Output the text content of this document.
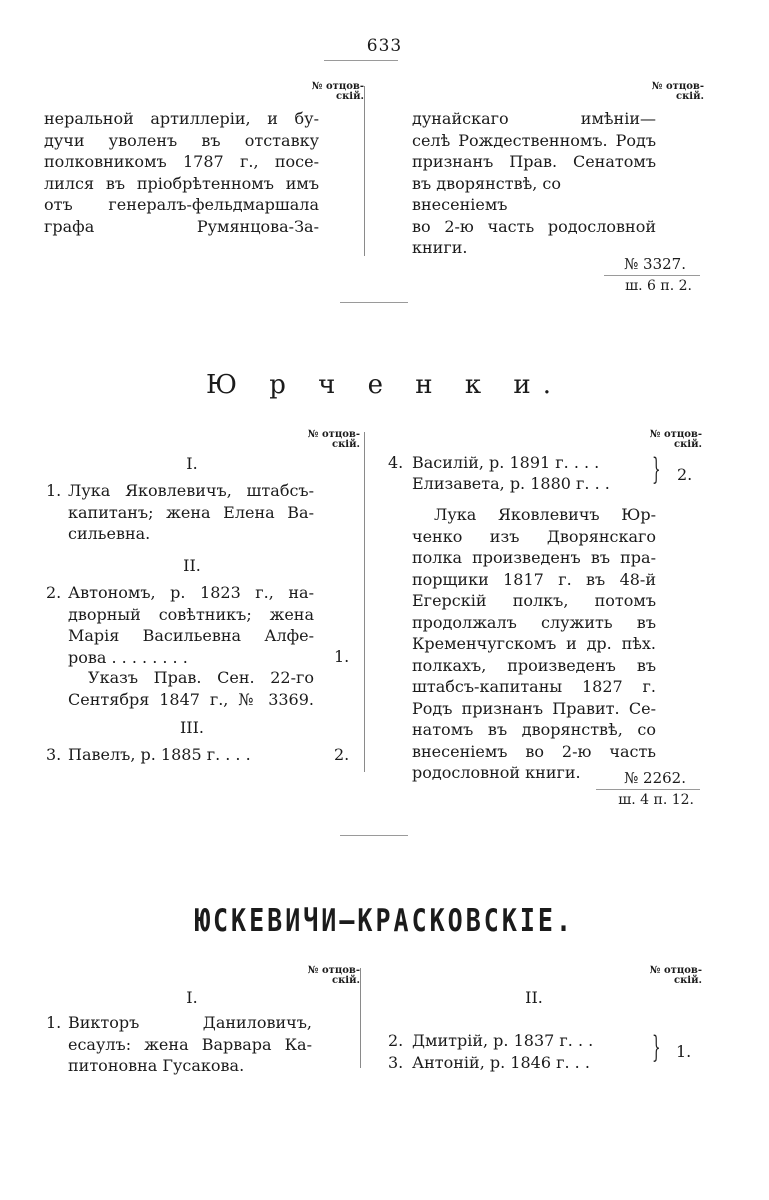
633
№ отцов-
скій.
№ отцов-
скій.
неральной артиллеріи, и бу-
дучи уволенъ въ отставку
полковникомъ 1787 г., посе-
лился въ пріобрѣтенномъ имъ
отъ генералъ-фельдмаршала
графа Румянцова-За-
дунайскаго имѣніи—
селѣ Рождественномъ. Родъ
признанъ Прав. Сенатомъ
въ дворянствѣ, со внесеніемъ
во 2-ю часть родословной
книги.
№ 3327.
ш. 6 п. 2.
Ю р ч е н к и.
№ отцов-
скій.
№ отцов-
скій.
I.
1. Лука Яковлевичъ, штабсъ-
капитанъ; жена Елена Ва-
сильевна.
II.
2. Автономъ, р. 1823 г., на-
дворный совѣтникъ; жена
Марія Васильевна Алфе-
рова . . . . . . . .	1.
Указъ Прав. Сен. 22-го
Сентября 1847 г., № 3369.
III.
3. Павелъ, р. 1885 г. . . .	2.
4. Василій, р. 1891 г. . . .
Елизавета, р. 1880 г. . . } 2.
Лука Яковлевичъ Юр-
ченко изъ Дворянскаго
полка произведенъ въ пра-
порщики 1817 г. въ 48-й
Егерскій полкъ, потомъ
продолжалъ служить въ
Кременчугскомъ и др. пѣх.
полкахъ, произведенъ въ
штабсъ-капитаны 1827 г.
Родъ признанъ Правит. Се-
натомъ въ дворянствѣ, со
внесеніемъ во 2-ю часть
родословной книги.	№ 2262.
ш. 4 п. 12.
ЮСКЕВИЧИ—КРАСКОВСКІЕ.
№ отцов-
скій.
№ отцов-
скій.
I.
1. Викторъ Даниловичъ,
есаулъ: жена Варвара Ка-
питоновна Гусакова.
II.
2. Дмитрій, р. 1837 г. . .
3. Антоній, р. 1846 г. . . } 1.
